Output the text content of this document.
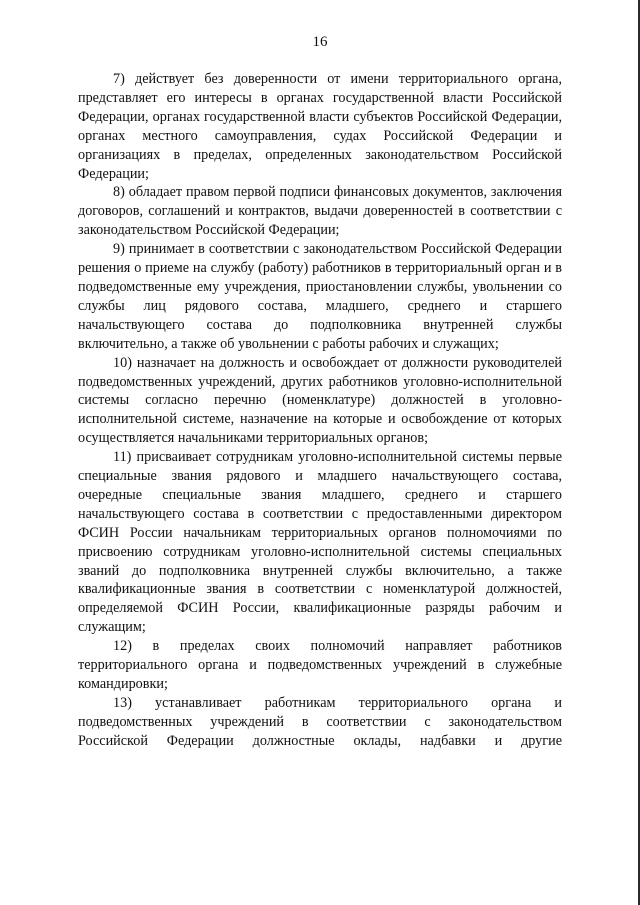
16

7) действует без доверенности от имени территориального органа, представляет его интересы в органах государственной власти Российской Федерации, органах государственной власти субъектов Российской Федерации, органах местного самоуправления, судах Российской Федерации и организациях в пределах, определенных законодательством Российской Федерации;

8) обладает правом первой подписи финансовых документов, заключения договоров, соглашений и контрактов, выдачи доверенностей в соответствии с законодательством Российской Федерации;

9) принимает в соответствии с законодательством Российской Федерации решения о приеме на службу (работу) работников в территориальный орган и в подведомственные ему учреждения, приостановлении службы, увольнении со службы лиц рядового состава, младшего, среднего и старшего начальствующего состава до подполковника внутренней службы включительно, а также об увольнении с работы рабочих и служащих;

10) назначает на должность и освобождает от должности руководителей подведомственных учреждений, других работников уголовно-исполнительной системы согласно перечню (номенклатуре) должностей в уголовно-исполнительной системе, назначение на которые и освобождение от которых осуществляется начальниками территориальных органов;

11) присваивает сотрудникам уголовно-исполнительной системы первые специальные звания рядового и младшего начальствующего состава, очередные специальные звания младшего, среднего и старшего начальствующего состава в соответствии с предоставленными директором ФСИН России начальникам территориальных органов полномочиями по присвоению сотрудникам уголовно-исполнительной системы специальных званий до подполковника внутренней службы включительно, а также квалификационные звания в соответствии с номенклатурой должностей, определяемой ФСИН России, квалификационные разряды рабочим и служащим;

12) в пределах своих полномочий направляет работников территориального органа и подведомственных учреждений в служебные командировки;

13) устанавливает работникам территориального органа и подведомственных учреждений в соответствии с законодательством Российской Федерации должностные оклады, надбавки и другие
